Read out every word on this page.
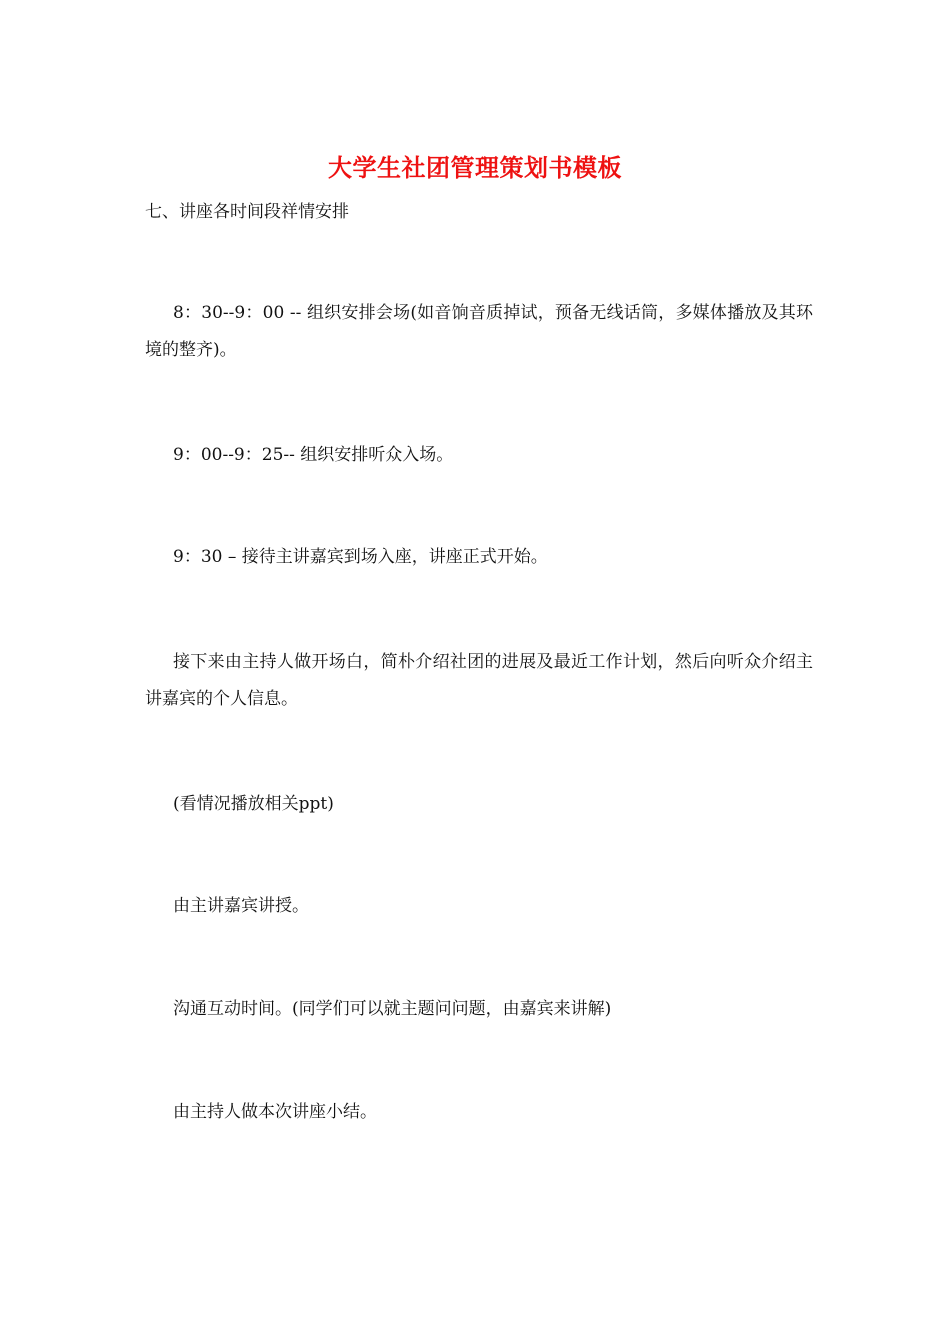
大学生社团管理策划书模板
七、讲座各时间段祥情安排

8：30--9：00 -- 组织安排会场(如音饷音质掉试，预备无线话筒，多媒体播放及其环境的整齐)。

9：00--9：25-- 组织安排听众入场。

9：30 – 接待主讲嘉宾到场入座，讲座正式开始。

接下来由主持人做开场白，简朴介绍社团的进展及最近工作计划，然后向听众介绍主讲嘉宾的个人信息。

(看情况播放相关ppt)

由主讲嘉宾讲授。

沟通互动时间。(同学们可以就主题问问题，由嘉宾来讲解)

由主持人做本次讲座小结。
